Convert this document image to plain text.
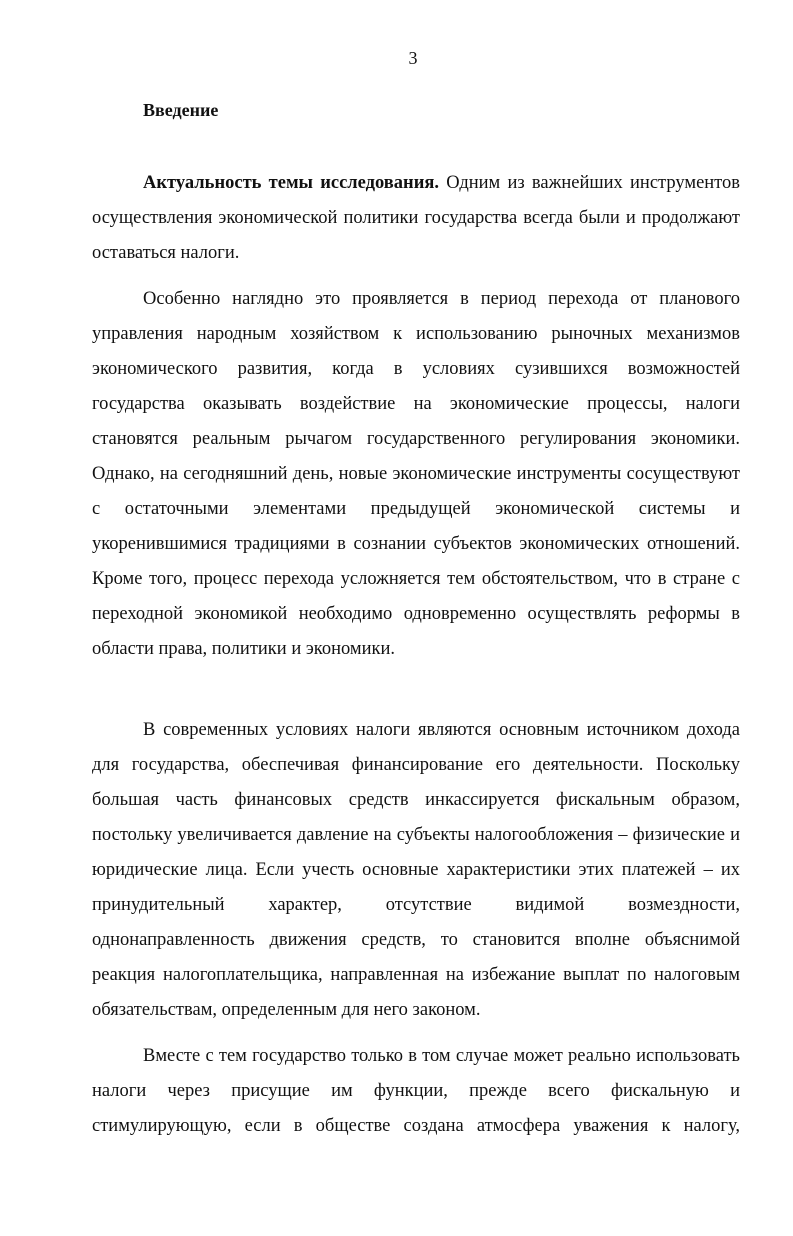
3
Введение

Актуальность темы исследования. Одним из важнейших инструментов осуществления экономической политики государства всегда были и продолжают оставаться налоги.

Особенно наглядно это проявляется в период перехода от планового управления народным хозяйством к использованию рыночных механизмов экономического развития, когда в условиях сузившихся возможностей государства оказывать воздействие на экономические процессы, налоги становятся реальным рычагом государственного регулирования экономики. Однако, на сегодняшний день, новые экономические инструменты сосуществуют с остаточными элементами предыдущей экономической системы и укоренившимися традициями в сознании субъектов экономических отношений. Кроме того, процесс перехода усложняется тем обстоятельством, что в стране с переходной экономикой необходимо одновременно осуществлять реформы в области права, политики и экономики.

В современных условиях налоги являются основным источником дохода для государства, обеспечивая финансирование его деятельности. Поскольку большая часть финансовых средств инкассируется фискальным образом, постольку увеличивается давление на субъекты налогообложения – физические и юридические лица. Если учесть основные характеристики этих платежей – их принудительный характер, отсутствие видимой возмездности, однонаправленность движения средств, то становится вполне объяснимой реакция налогоплательщика, направленная на избежание выплат по налоговым обязательствам, определенным для него законом.

Вместе с тем государство только в том случае может реально использовать налоги через присущие им функции, прежде всего фискальную и стимулирующую, если в обществе создана атмосфера уважения к налогу,
